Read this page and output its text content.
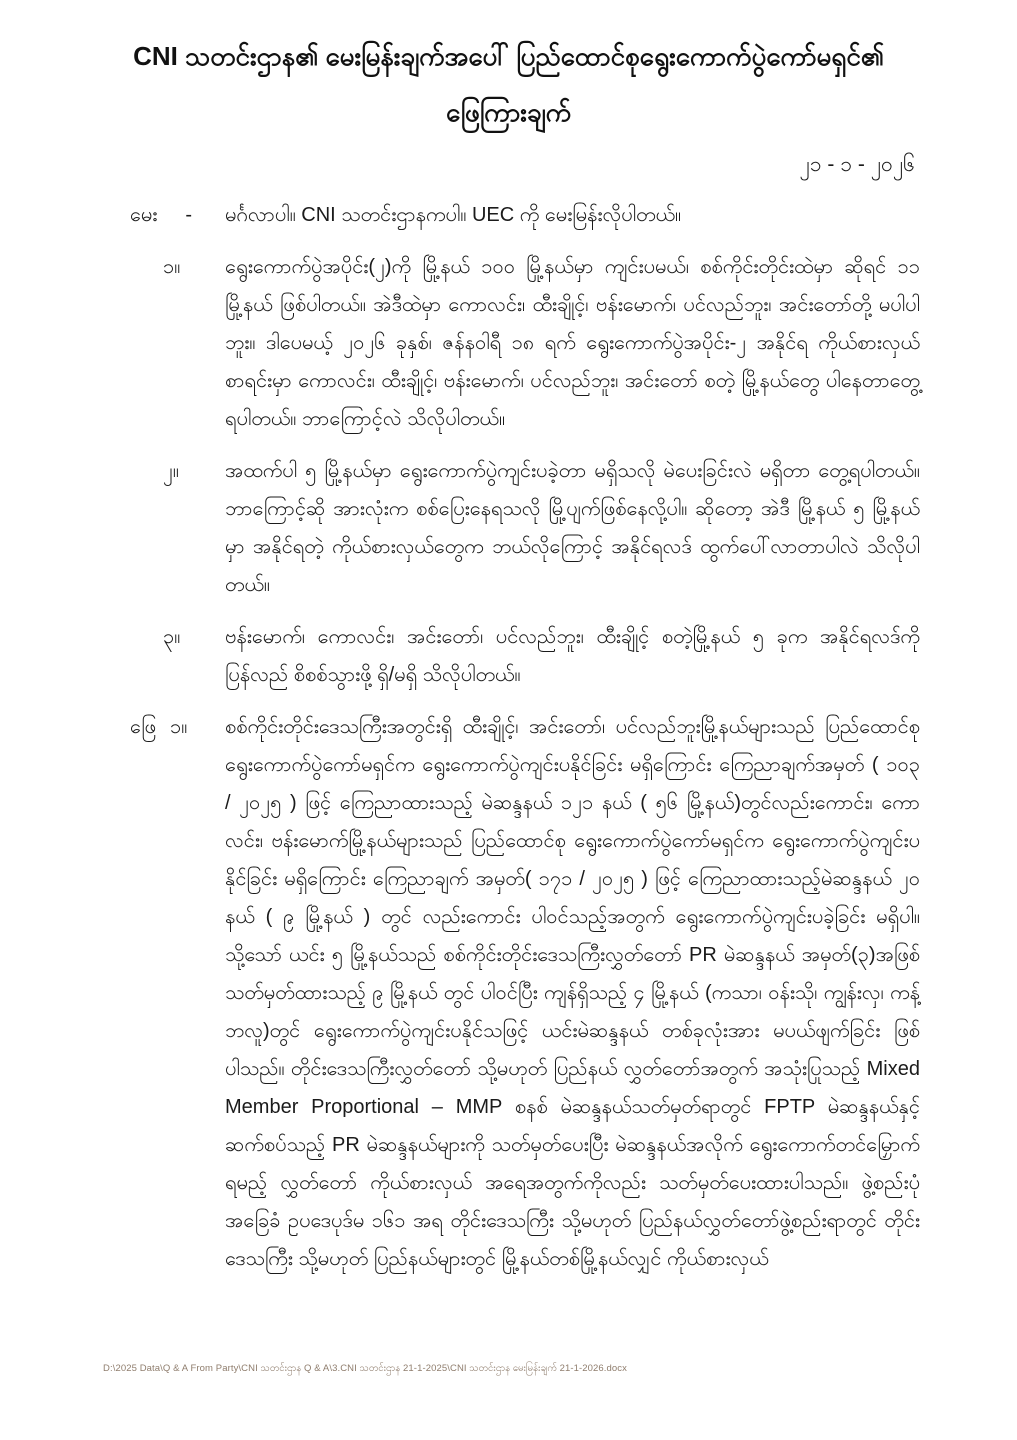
CNI သတင်းဌာန၏ မေးမြန်းချက်အပေါ် ပြည်ထောင်စုရွေးကောက်ပွဲကော်မရှင်၏
ဖြေကြားချက်
၂၁ - ၁ - ၂၀၂၆
မေး -	မင်္ဂလာပါ။ CNI သတင်းဌာနကပါ။ UEC ကို မေးမြန်းလိုပါတယ်။
၁။	ရွေးကောက်ပွဲအပိုင်း(၂)ကို မြို့နယ် ၁၀၀ မြို့နယ်မှာ ကျင်းပမယ်၊ စစ်ကိုင်းတိုင်းထဲမှာ ဆိုရင် ၁၁ မြို့နယ် ဖြစ်ပါတယ်။ အဲဒီထဲမှာ ကောလင်း၊ ထီးချိုင့်၊ ဗန်းမောက်၊ ပင်လည်ဘူး၊ အင်းတော်တို့ မပါပါဘူး။ ဒါပေမယ့် ၂၀၂၆ ခုနှစ်၊ ဇန်နဝါရီ ၁၈ ရက် ရွေးကောက်ပွဲအပိုင်း-၂ အနိုင်ရ ကိုယ်စားလှယ် စာရင်းမှာ ကောလင်း၊ ထီးချိုင့်၊ ဗန်းမောက်၊ ပင်လည်ဘူး၊ အင်းတော် စတဲ့ မြို့နယ်တွေ ပါနေတာတွေ့ရပါတယ်။ ဘာကြောင့်လဲ သိလိုပါတယ်။
၂။	အထက်ပါ ၅ မြို့နယ်မှာ ရွေးကောက်ပွဲကျင်းပခဲ့တာ မရှိသလို မဲပေးခြင်းလဲ မရှိတာ တွေ့ရပါတယ်။ ဘာကြောင့်ဆို အားလုံးက စစ်ပြေးနေရသလို မြို့ပျက်ဖြစ်နေလို့ပါ။ ဆိုတော့ အဲဒီ မြို့နယ် ၅ မြို့နယ်မှာ အနိုင်ရတဲ့ ကိုယ်စားလှယ်တွေက ဘယ်လိုကြောင့် အနိုင်ရလဒ် ထွက်ပေါ်လာတာပါလဲ သိလိုပါတယ်။
၃။	ဗန်းမောက်၊ ကောလင်း၊ အင်းတော်၊ ပင်လည်ဘူး၊ ထီးချိုင့် စတဲ့မြို့နယ် ၅ ခုက အနိုင်ရလဒ်ကို ပြန်လည် စိစစ်သွားဖို့ ရှိ/မရှိ သိလိုပါတယ်။
ဖြေ ၁။	စစ်ကိုင်းတိုင်းဒေသကြီးအတွင်းရှိ ထီးချိုင့်၊ အင်းတော်၊ ပင်လည်ဘူးမြို့နယ်များသည် ပြည်ထောင်စုရွေးကောက်ပွဲကော်မရှင်က ရွေးကောက်ပွဲကျင်းပနိုင်ခြင်း မရှိကြောင်း ကြေညာချက်အမှတ် ( ၁၀၃ / ၂၀၂၅ ) ဖြင့် ကြေညာထားသည့် မဲဆန္ဒနယ် ၁၂၁ နယ် ( ၅၆ မြို့နယ်)တွင်လည်းကောင်း၊ ကောလင်း၊ ဗန်းမောက်မြို့နယ်များသည် ပြည်ထောင်စု ရွေးကောက်ပွဲကော်မရှင်က ရွေးကောက်ပွဲကျင်းပနိုင်ခြင်း မရှိကြောင်း ကြေညာချက် အမှတ်( ၁၇၁ / ၂၀၂၅ ) ဖြင့် ကြေညာထားသည့်မဲဆန္ဒနယ် ၂၀ နယ် ( ၉ မြို့နယ် ) တွင် လည်းကောင်း ပါဝင်သည့်အတွက် ရွေးကောက်ပွဲကျင်းပခဲ့ခြင်း မရှိပါ။ သို့သော် ယင်း ၅ မြို့နယ်သည် စစ်ကိုင်းတိုင်းဒေသကြီးလွှတ်တော် PR မဲဆန္ဒနယ် အမှတ်(၃)အဖြစ် သတ်မှတ်ထားသည့် ၉ မြို့နယ် တွင် ပါဝင်ပြီး ကျန်ရှိသည့် ၄ မြို့နယ် (ကသာ၊ ဝန်းသို၊ ကျွန်းလှ၊ ကန့်ဘလူ)တွင် ရွေးကောက်ပွဲကျင်းပနိုင်သဖြင့် ယင်းမဲဆန္ဒနယ် တစ်ခုလုံးအား မပယ်ဖျက်ခြင်း ဖြစ်ပါသည်။ တိုင်းဒေသကြီးလွှတ်တော် သို့မဟုတ် ပြည်နယ် လွှတ်တော်အတွက် အသုံးပြုသည့် Mixed Member Proportional – MMP စနစ် မဲဆန္ဒနယ်သတ်မှတ်ရာတွင် FPTP မဲဆန္ဒနယ်နှင့် ဆက်စပ်သည့် PR မဲဆန္ဒနယ်များကို သတ်မှတ်ပေးပြီး မဲဆန္ဒနယ်အလိုက် ရွေးကောက်တင်မြှောက်ရမည့် လွှတ်တော် ကိုယ်စားလှယ် အရေအတွက်ကိုလည်း သတ်မှတ်ပေးထားပါသည်။ ဖွဲ့စည်းပုံအခြေခံ ဥပဒေပုဒ်မ ၁၆၁ အရ တိုင်းဒေသကြီး သို့မဟုတ် ပြည်နယ်လွှတ်တော်ဖွဲ့စည်းရာတွင် တိုင်းဒေသကြီး သို့မဟုတ် ပြည်နယ်များတွင် မြို့နယ်တစ်မြို့နယ်လျှင် ကိုယ်စားလှယ်
D:\2025 Data\Q & A From Party\CNI သတင်းဌာန Q & A\3.CNI သတင်းဌာန 21-1-2025\CNI သတင်းဌာန မေးမြန်းချက် 21-1-2026.docx
